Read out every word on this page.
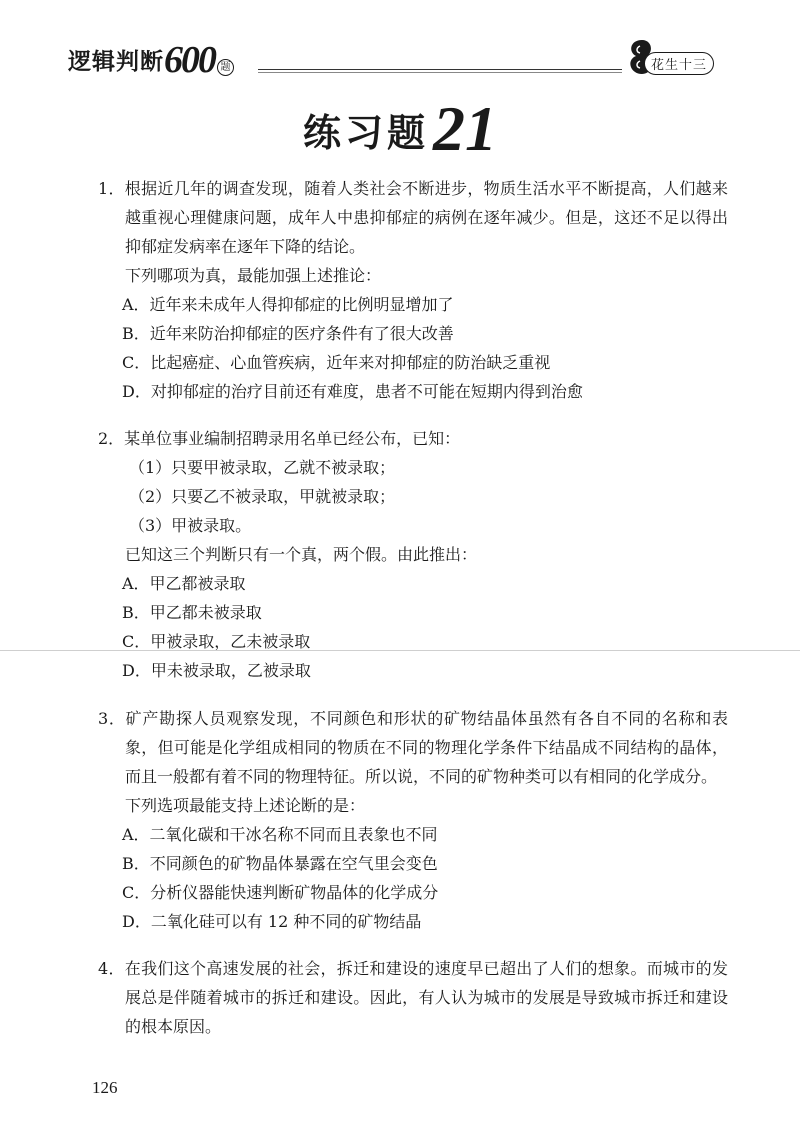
逻辑判断600 题	花生十三
练习题21

1．根据近几年的调查发现，随着人类社会不断进步，物质生活水平不断提高，人们越来越重视心理健康问题，成年人中患抑郁症的病例在逐年减少。但是，这还不足以得出抑郁症发病率在逐年下降的结论。

下列哪项为真，最能加强上述推论：

A．近年来未成年人得抑郁症的比例明显增加了

B．近年来防治抑郁症的医疗条件有了很大改善

C．比起癌症、心血管疾病，近年来对抑郁症的防治缺乏重视

D．对抑郁症的治疗目前还有难度，患者不可能在短期内得到治愈

2．某单位事业编制招聘录用名单已经公布，已知：

（1）只要甲被录取，乙就不被录取；

（2）只要乙不被录取，甲就被录取；

（3）甲被录取。

已知这三个判断只有一个真，两个假。由此推出：

A．甲乙都被录取

B．甲乙都未被录取

C．甲被录取，乙未被录取

D．甲未被录取，乙被录取

3．矿产勘探人员观察发现，不同颜色和形状的矿物结晶体虽然有各自不同的名称和表象，但可能是化学组成相同的物质在不同的物理化学条件下结晶成不同结构的晶体，而且一般都有着不同的物理特征。所以说，不同的矿物种类可以有相同的化学成分。

下列选项最能支持上述论断的是：

A．二氧化碳和干冰名称不同而且表象也不同

B．不同颜色的矿物晶体暴露在空气里会变色

C．分析仪器能快速判断矿物晶体的化学成分

D．二氧化硅可以有 12 种不同的矿物结晶

4．在我们这个高速发展的社会，拆迁和建设的速度早已超出了人们的想象。而城市的发展总是伴随着城市的拆迁和建设。因此，有人认为城市的发展是导致城市拆迁和建设的根本原因。

126
